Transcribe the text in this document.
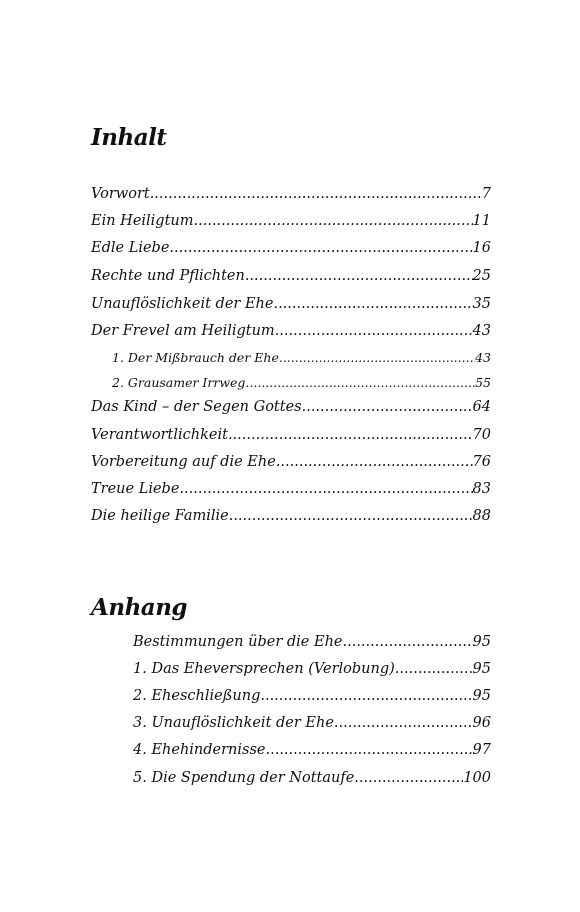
Inhalt
Vorwort .....	7
Ein Heiligtum .....	11
Edle Liebe .....	16
Rechte und Pflichten .....	25
Unauflöslichkeit der Ehe .....	35
Der Frevel am Heiligtum .....	43
1. Der Mißbrauch der Ehe .....	43
2. Grausamer Irrweg .....	55
Das Kind – der Segen Gottes .....	64
Verantwortlichkeit .....	70
Vorbereitung auf die Ehe .....	76
Treue Liebe .....	83
Die heilige Familie .....	88
Anhang
Bestimmungen über die Ehe .....	95
1. Das Eheversprechen (Verlobung) .....	95
2. Eheschließung .....	95
3. Unauflöslichkeit der Ehe .....	96
4. Ehehindernisse .....	97
5. Die Spendung der Nottaufe .....	100
